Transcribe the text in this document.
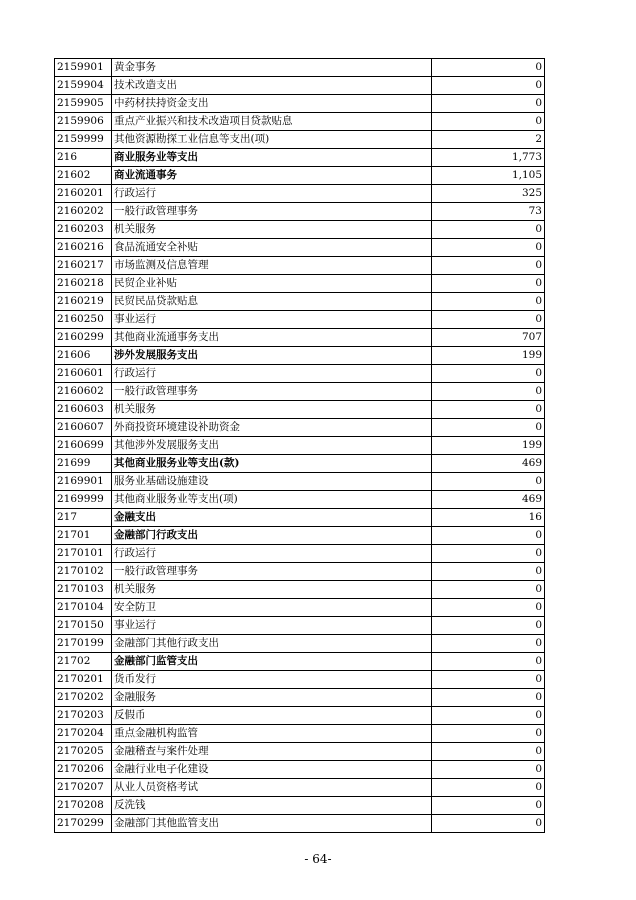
2159901	黄金事务	0
2159904	技术改造支出	0
2159905	中药材扶持资金支出	0
2159906	重点产业振兴和技术改造项目贷款贴息	0
2159999	其他资源勘探工业信息等支出(项)	2
216	商业服务业等支出	1,773
21602	商业流通事务	1,105
2160201	行政运行	325
2160202	一般行政管理事务	73
2160203	机关服务	0
2160216	食品流通安全补贴	0
2160217	市场监测及信息管理	0
2160218	民贸企业补贴	0
2160219	民贸民品贷款贴息	0
2160250	事业运行	0
2160299	其他商业流通事务支出	707
21606	涉外发展服务支出	199
2160601	行政运行	0
2160602	一般行政管理事务	0
2160603	机关服务	0
2160607	外商投资环境建设补助资金	0
2160699	其他涉外发展服务支出	199
21699	其他商业服务业等支出(款)	469
2169901	服务业基础设施建设	0
2169999	其他商业服务业等支出(项)	469
217	金融支出	16
21701	金融部门行政支出	0
2170101	行政运行	0
2170102	一般行政管理事务	0
2170103	机关服务	0
2170104	安全防卫	0
2170150	事业运行	0
2170199	金融部门其他行政支出	0
21702	金融部门监管支出	0
2170201	货币发行	0
2170202	金融服务	0
2170203	反假币	0
2170204	重点金融机构监管	0
2170205	金融稽查与案件处理	0
2170206	金融行业电子化建设	0
2170207	从业人员资格考试	0
2170208	反洗钱	0
2170299	金融部门其他监管支出	0
- 64-
